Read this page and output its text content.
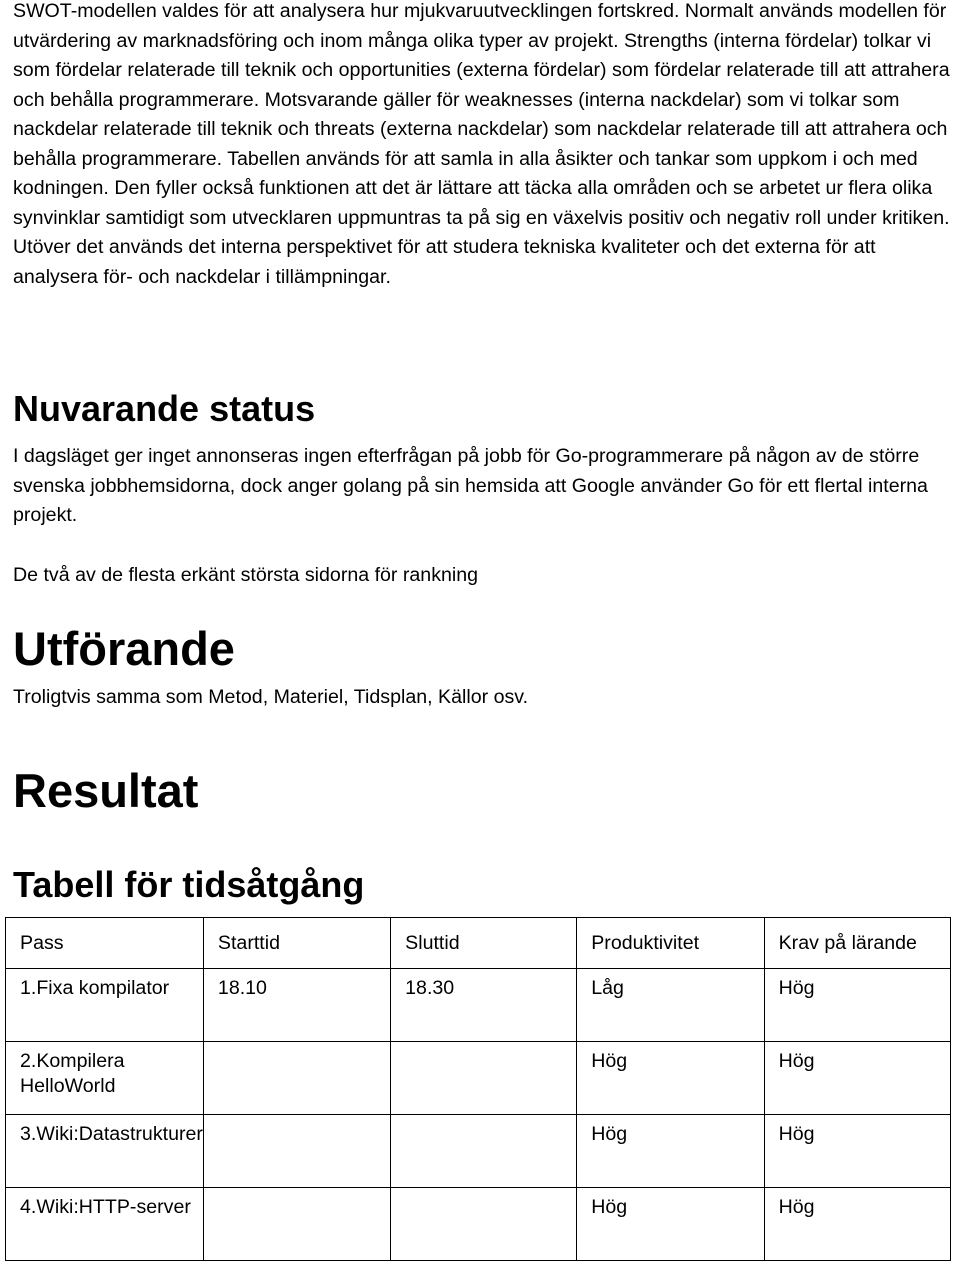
SWOT-modellen valdes för att analysera hur mjukvaruutvecklingen fortskred. Normalt används modellen för utvärdering av marknadsföring och inom många olika typer av projekt. Strengths (interna fördelar) tolkar vi som fördelar relaterade till teknik och opportunities (externa fördelar) som fördelar relaterade till att attrahera och behålla programmerare. Motsvarande gäller för weaknesses (interna nackdelar) som vi tolkar som nackdelar relaterade till teknik och threats (externa nackdelar) som nackdelar relaterade till att attrahera och behålla programmerare. Tabellen används för att samla in alla åsikter och tankar som uppkom i och med kodningen. Den fyller också funktionen att det är lättare att täcka alla områden och se arbetet ur flera olika synvinklar samtidigt som utvecklaren uppmuntras ta på sig en växelvis positiv och negativ roll under kritiken. Utöver det används det interna perspektivet för att studera tekniska kvaliteter och det externa för att analysera för- och nackdelar i tillämpningar.

Nuvarande status

I dagsläget ger inget annonseras ingen efterfrågan på jobb för Go-programmerare på någon av de större svenska jobbhemsidorna, dock anger golang på sin hemsida att Google använder Go för ett flertal interna projekt.

De två av de flesta erkänt största sidorna för rankning

Utförande

Troligtvis samma som Metod, Materiel, Tidsplan, Källor osv.

Resultat
Tabell för tidsåtgång
Pass	Starttid	Sluttid	Produktivitet	Krav på lärande
1.Fixa kompilator	18.10	18.30	Låg	Hög
2.Kompilera HelloWorld			Hög	Hög
3.Wiki:Datastrukturer			Hög	Hög
4.Wiki:HTTP-server			Hög	Hög
